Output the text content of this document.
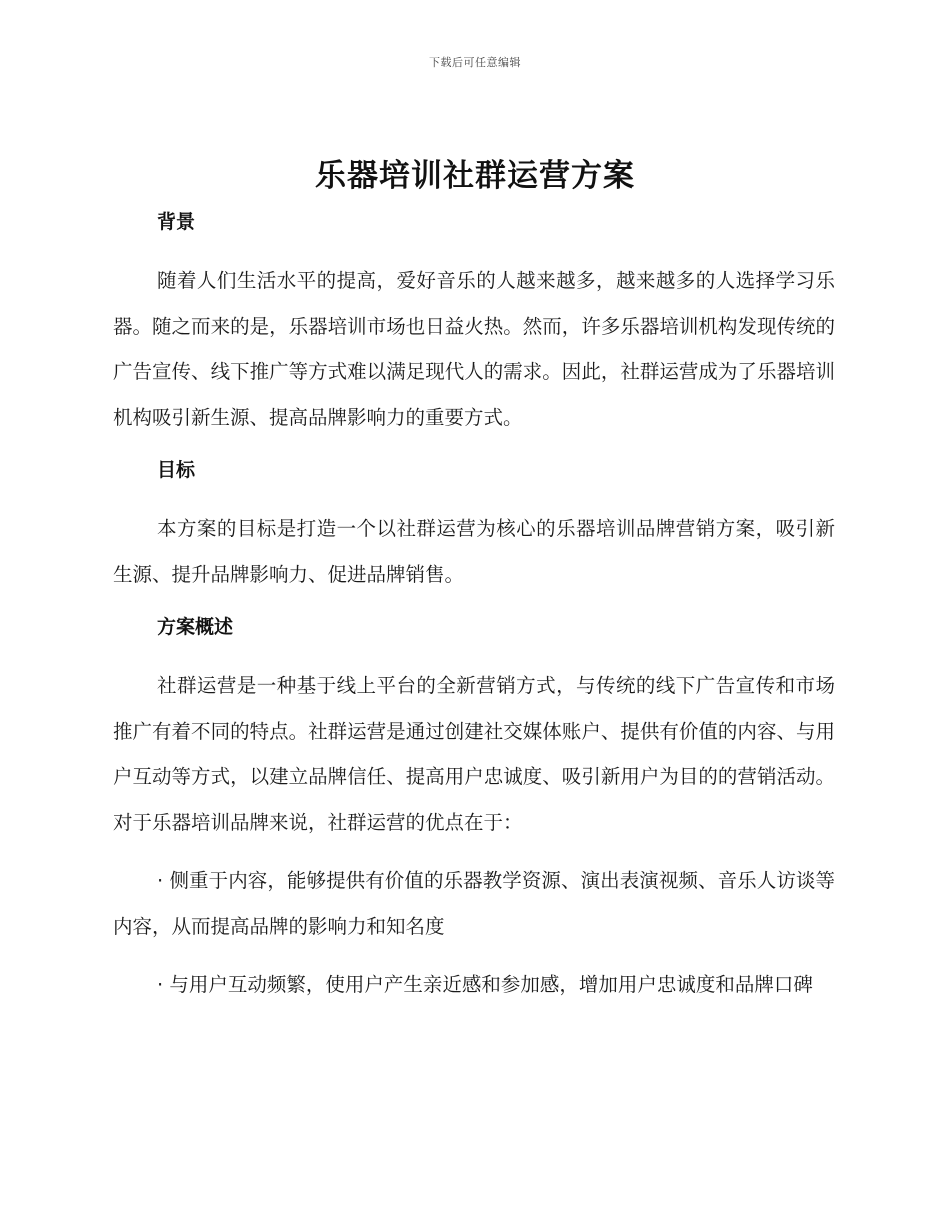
下载后可任意编辑
乐器培训社群运营方案
背景

随着人们生活水平的提高，爱好音乐的人越来越多，越来越多的人选择学习乐器。随之而来的是，乐器培训市场也日益火热。然而，许多乐器培训机构发现传统的广告宣传、线下推广等方式难以满足现代人的需求。因此，社群运营成为了乐器培训机构吸引新生源、提高品牌影响力的重要方式。

目标

本方案的目标是打造一个以社群运营为核心的乐器培训品牌营销方案，吸引新生源、提升品牌影响力、促进品牌销售。

方案概述

社群运营是一种基于线上平台的全新营销方式，与传统的线下广告宣传和市场推广有着不同的特点。社群运营是通过创建社交媒体账户、提供有价值的内容、与用户互动等方式，以建立品牌信任、提高用户忠诚度、吸引新用户为目的的营销活动。对于乐器培训品牌来说，社群运营的优点在于：

· 侧重于内容，能够提供有价值的乐器教学资源、演出表演视频、音乐人访谈等内容，从而提高品牌的影响力和知名度

· 与用户互动频繁，使用户产生亲近感和参加感，增加用户忠诚度和品牌口碑
